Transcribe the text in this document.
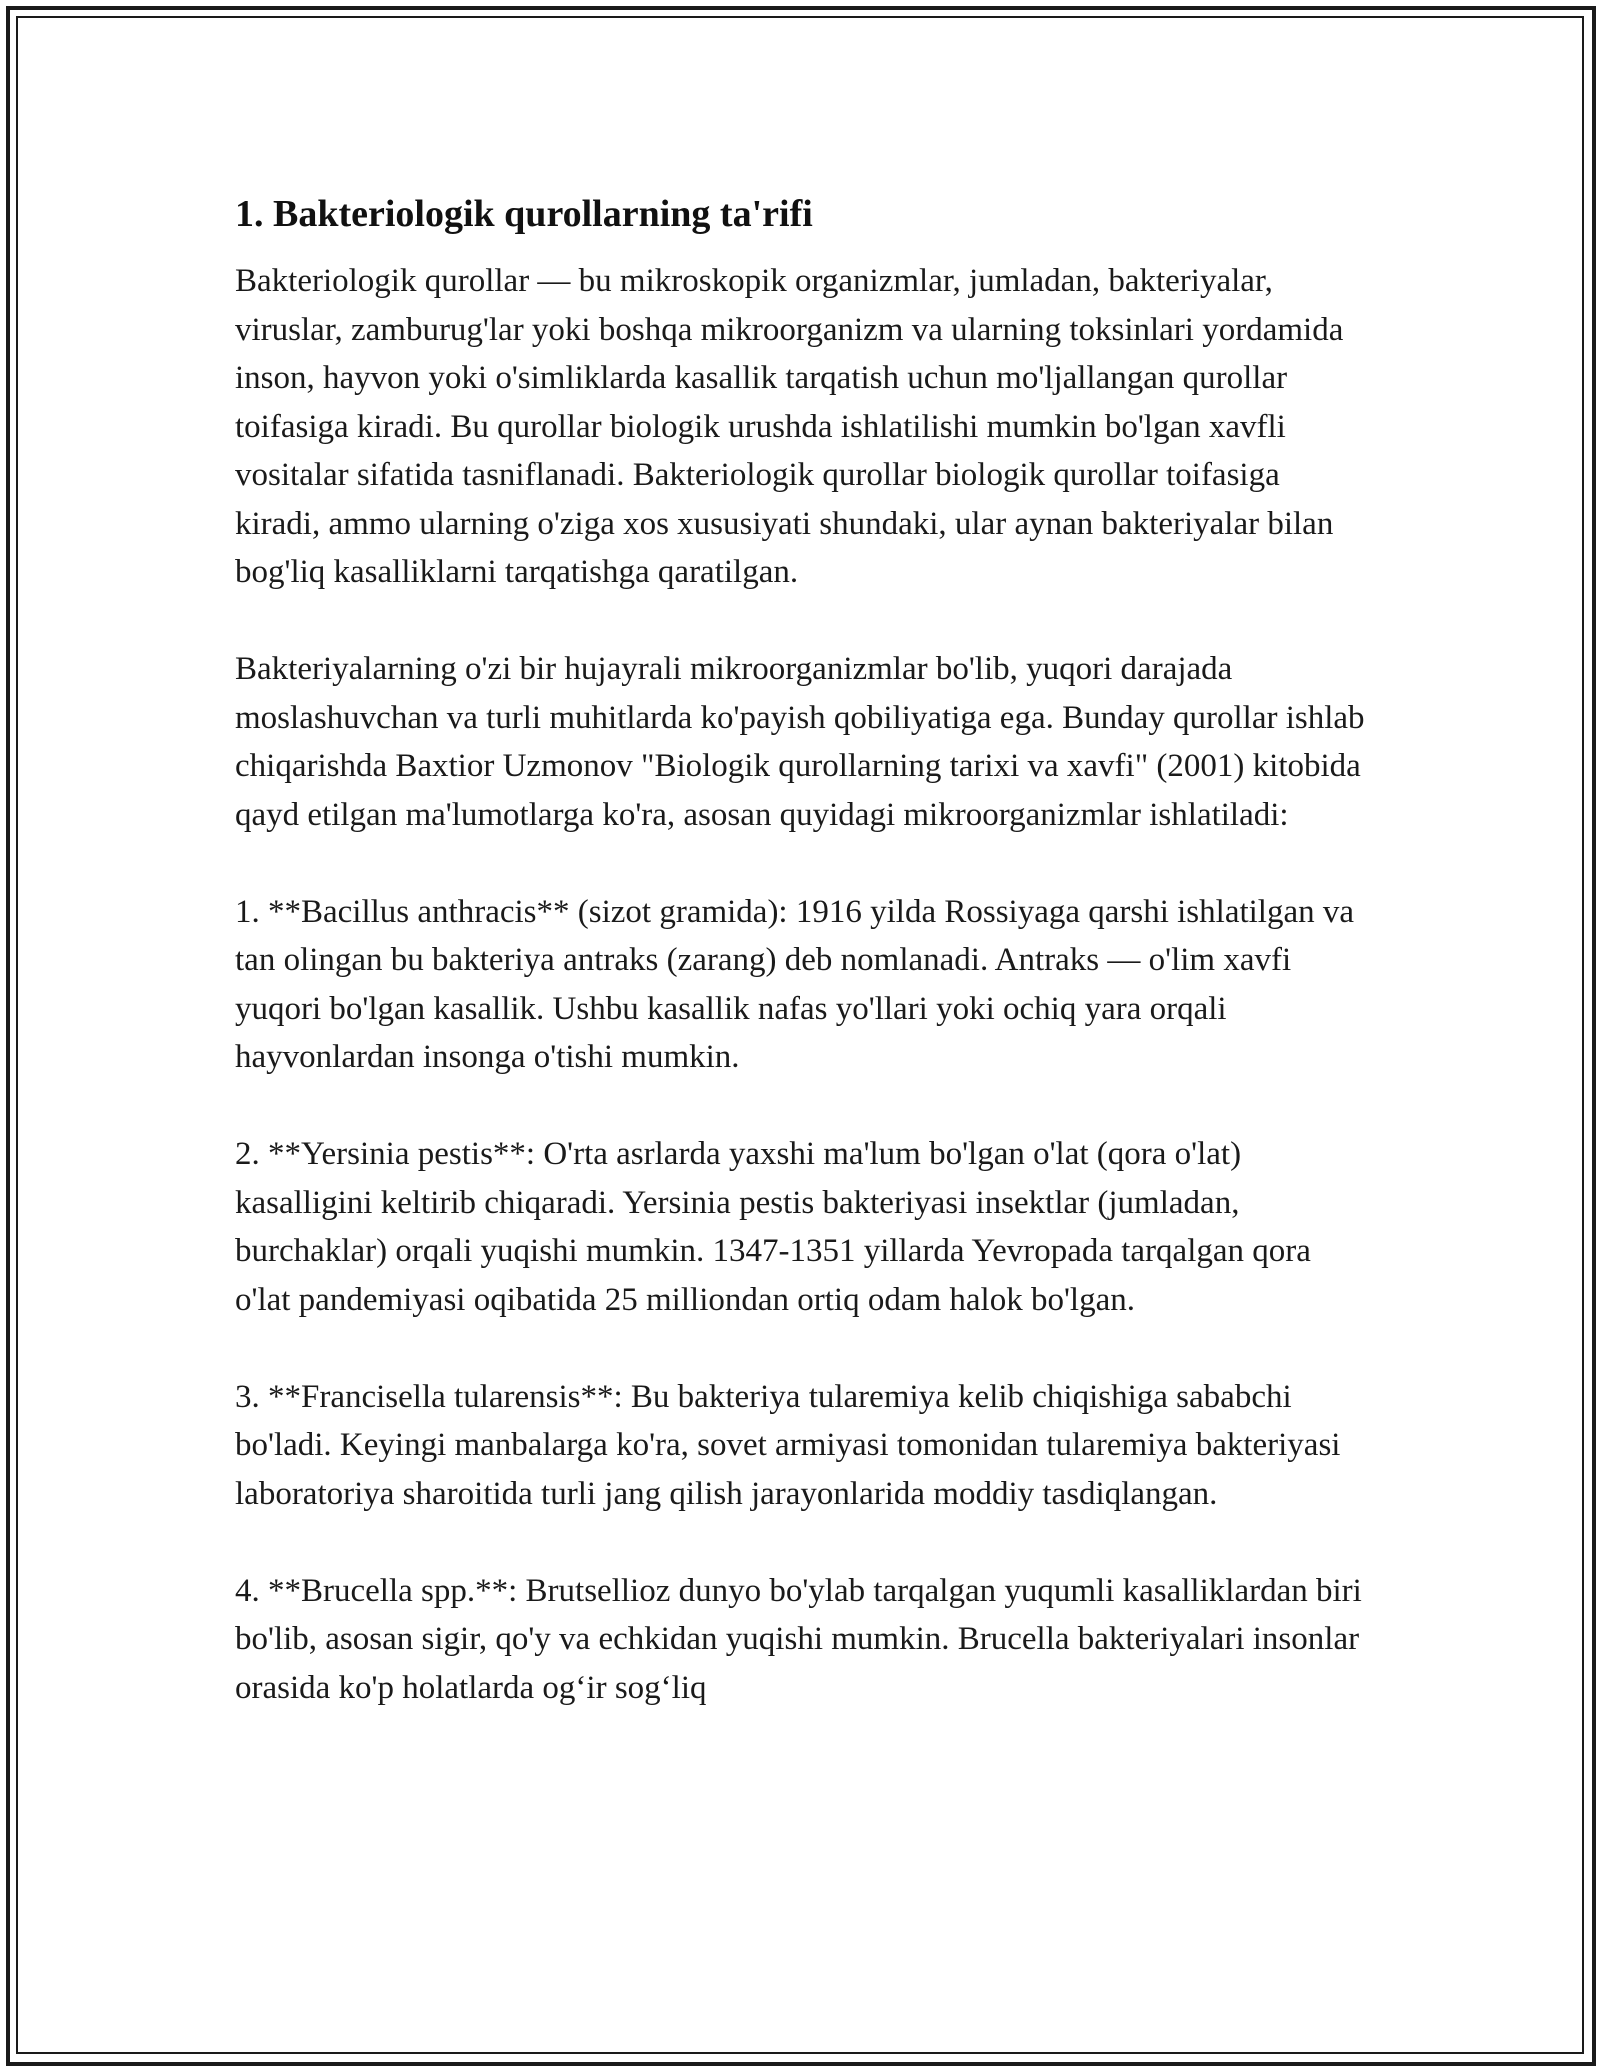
1. Bakteriologik qurollarning ta'rifi

Bakteriologik qurollar — bu mikroskopik organizmlar, jumladan, bakteriyalar, viruslar, zamburug'lar yoki boshqa mikroorganizm va ularning toksinlari yordamida inson, hayvon yoki o'simliklarda kasallik tarqatish uchun mo'ljallangan qurollar toifasiga kiradi. Bu qurollar biologik urushda ishlatilishi mumkin bo'lgan xavfli vositalar sifatida tasniflanadi. Bakteriologik qurollar biologik qurollar toifasiga kiradi, ammo ularning o'ziga xos xususiyati shundaki, ular aynan bakteriyalar bilan bog'liq kasalliklarni tarqatishga qaratilgan.

Bakteriyalarning o'zi bir hujayrali mikroorganizmlar bo'lib, yuqori darajada moslashuvchan va turli muhitlarda ko'payish qobiliyatiga ega. Bunday qurollar ishlab chiqarishda Baxtior Uzmonov "Biologik qurollarning tarixi va xavfi" (2001) kitobida qayd etilgan ma'lumotlarga ko'ra, asosan quyidagi mikroorganizmlar ishlatiladi:

1. **Bacillus anthracis** (sizot gramida): 1916 yilda Rossiyaga qarshi ishlatilgan va tan olingan bu bakteriya antraks (zarang) deb nomlanadi. Antraks — o'lim xavfi yuqori bo'lgan kasallik. Ushbu kasallik nafas yo'llari yoki ochiq yara orqali hayvonlardan insonga o'tishi mumkin.

2. **Yersinia pestis**: O'rta asrlarda yaxshi ma'lum bo'lgan o'lat (qora o'lat) kasalligini keltirib chiqaradi. Yersinia pestis bakteriyasi insektlar (jumladan, burchaklar) orqali yuqishi mumkin. 1347-1351 yillarda Yevropada tarqalgan qora o'lat pandemiyasi oqibatida 25 milliondan ortiq odam halok bo'lgan.

3. **Francisella tularensis**: Bu bakteriya tularemiya kelib chiqishiga sababchi bo'ladi. Keyingi manbalarga ko'ra, sovet armiyasi tomonidan tularemiya bakteriyasi laboratoriya sharoitida turli jang qilish jarayonlarida moddiy tasdiqlangan.

4. **Brucella spp.**: Brutsellioz dunyo bo'ylab tarqalgan yuqumli kasalliklardan biri bo'lib, asosan sigir, qo'y va echkidan yuqishi mumkin. Brucella bakteriyalari insonlar orasida ko'p holatlarda og‘ir sog‘liq
